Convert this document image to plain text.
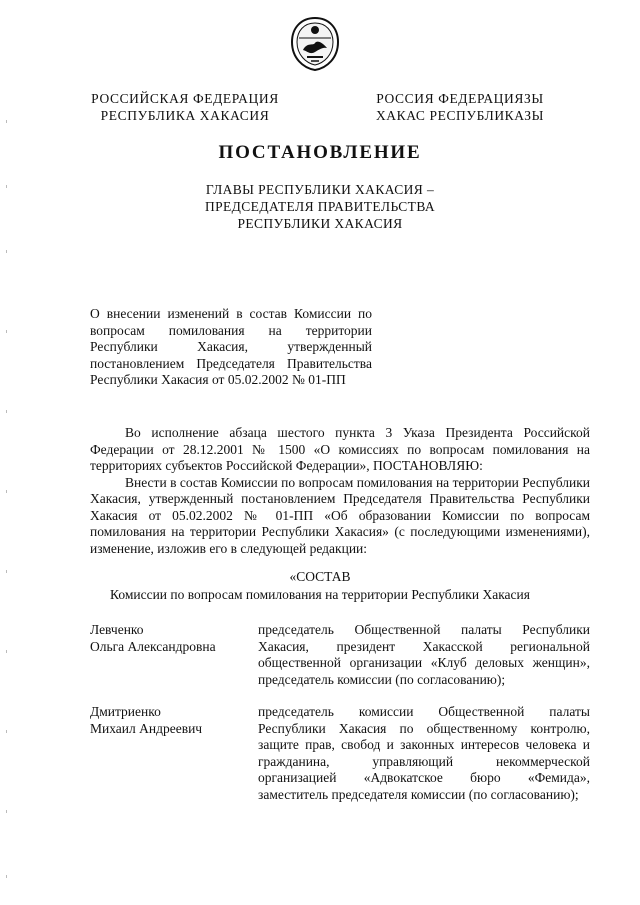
РОССИЙСКАЯ ФЕДЕРАЦИЯ
РЕСПУБЛИКА ХАКАСИЯ
РОССИЯ ФЕДЕРАЦИЯЗЫ
ХАКАС РЕСПУБЛИКАЗЫ
ПОСТАНОВЛЕНИЕ
ГЛАВЫ РЕСПУБЛИКИ ХАКАСИЯ –
ПРЕДСЕДАТЕЛЯ ПРАВИТЕЛЬСТВА
РЕСПУБЛИКИ ХАКАСИЯ
О внесении изменений в состав Комиссии по
вопросам помилования на территории
Республики Хакасия, утвержденный
постановлением Председателя Правительства
Республики Хакасия от 05.02.2002 № 01-ПП

Во исполнение абзаца шестого пункта 3 Указа Президента Российской Федерации от 28.12.2001 № 1500 «О комиссиях по вопросам помилования на территориях субъектов Российской Федерации», ПОСТАНОВЛЯЮ:

Внести в состав Комиссии по вопросам помилования на территории Республики Хакасия, утвержденный постановлением Председателя Правительства Республики Хакасия от 05.02.2002 № 01-ПП «Об образовании Комиссии по вопросам помилования на территории Республики Хакасия» (с последующими изменениями), изменение, изложив его в следующей редакции:

«СОСТАВ
Комиссии по вопросам помилования на территории Республики Хакасия
Левченко
Ольга Александровна
председатель Общественной палаты Республики Хакасия, президент Хакасской региональной общественной организации «Клуб деловых женщин», председатель комиссии (по согласованию);
Дмитриенко
Михаил Андреевич
председатель комиссии Общественной палаты Республики Хакасия по общественному контролю, защите прав, свобод и законных интересов человека и гражданина, управляющий некоммерческой организацией «Адвокатское бюро «Фемида», заместитель председателя комиссии (по согласованию);
